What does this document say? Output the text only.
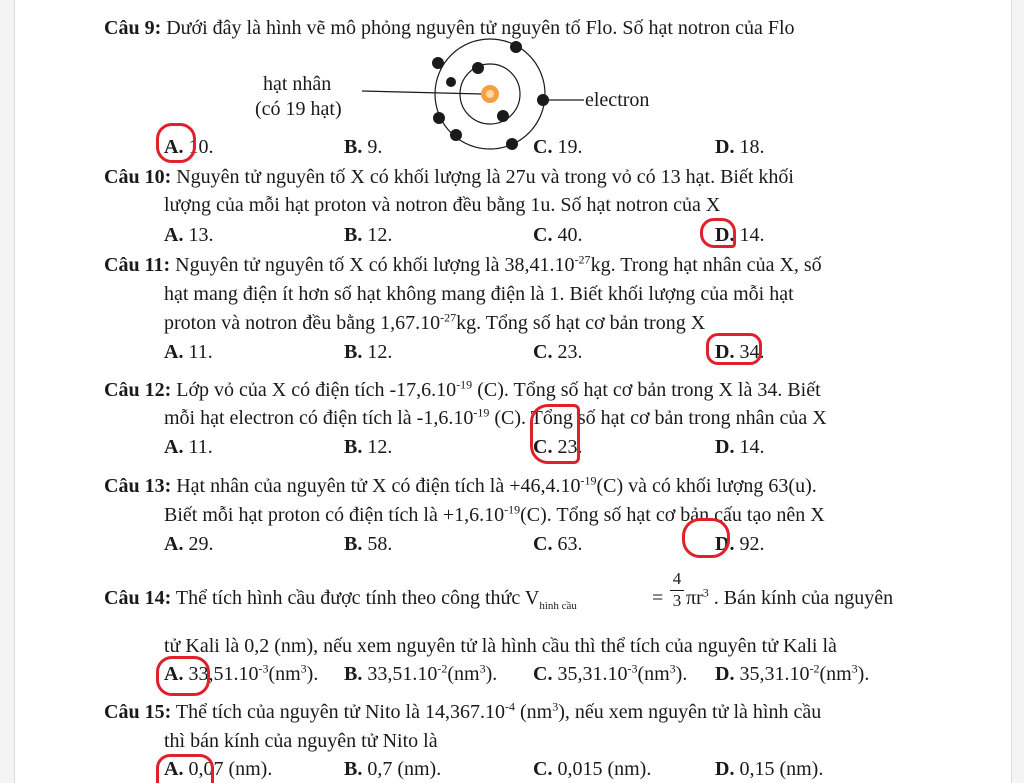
Câu 9: Dưới đây là hình vẽ mô phỏng nguyên tử nguyên tố Flo. Số hạt notron của Flo
hạt nhân
(có 19 hạt)	electron
A. 10.	B. 9.	C. 19.	D. 18.
Câu 10: Nguyên tử nguyên tố X có khối lượng là 27u và trong vỏ có 13 hạt. Biết khối
lượng của mỗi hạt proton và notron đều bằng 1u. Số hạt notron của X
A. 13.	B. 12.	C. 40.	D. 14.
Câu 11: Nguyên tử nguyên tố X có khối lượng là $38,41.10^{-27}kg$. Trong hạt nhân của X, số
hạt mang điện ít hơn số hạt không mang điện là 1. Biết khối lượng của mỗi hạt
proton và notron đều bằng $1,67.10^{-27}kg$. Tổng số hạt cơ bản trong X
A. 11.	B. 12.	C. 23.	D. 34.
Câu 12: Lớp vỏ của X có điện tích $-17,6.10^{-19}$ (C). Tổng số hạt cơ bản trong X là 34. Biết
mỗi hạt electron có điện tích là $-1,6.10^{-19}$ (C). Tổng số hạt cơ bản trong nhân của X
A. 11.	B. 12.	C. 23.	D. 14.
Câu 13: Hạt nhân của nguyên tử X có điện tích là $+46,4.10^{-19}(C)$ và có khối lượng 63(u).
Biết mỗi hạt proton có điện tích là $+1,6.10^{-19}(C)$. Tổng số hạt cơ bản cấu tạo nên X
A. 29.	B. 58.	C. 63.	D. 92.
Câu 14: Thể tích hình cầu được tính theo công thức $V_{hình cầu}$	=
4
3 $\pi r^3$ . Bán kính của nguyên
tử Kali là 0,2 (nm), nếu xem nguyên tử là hình cầu thì thể tích của nguyên tử Kali là
A. $33,51.10^{-3}(nm^3)$. B. $33,51.10^{-2}(nm^3)$. C. $35,31.10^{-3}(nm^3)$. D. $35,31.10^{-2}(nm^3)$.
Câu 15: Thể tích của nguyên tử Nito là $14,367.10^{-4}$ $(nm^3)$, nếu xem nguyên tử là hình cầu
thì bán kính của nguyên tử Nito là
A. 0,07 (nm).	B. 0,7 (nm).	C. 0,015 (nm).	D. 0,15 (nm).
